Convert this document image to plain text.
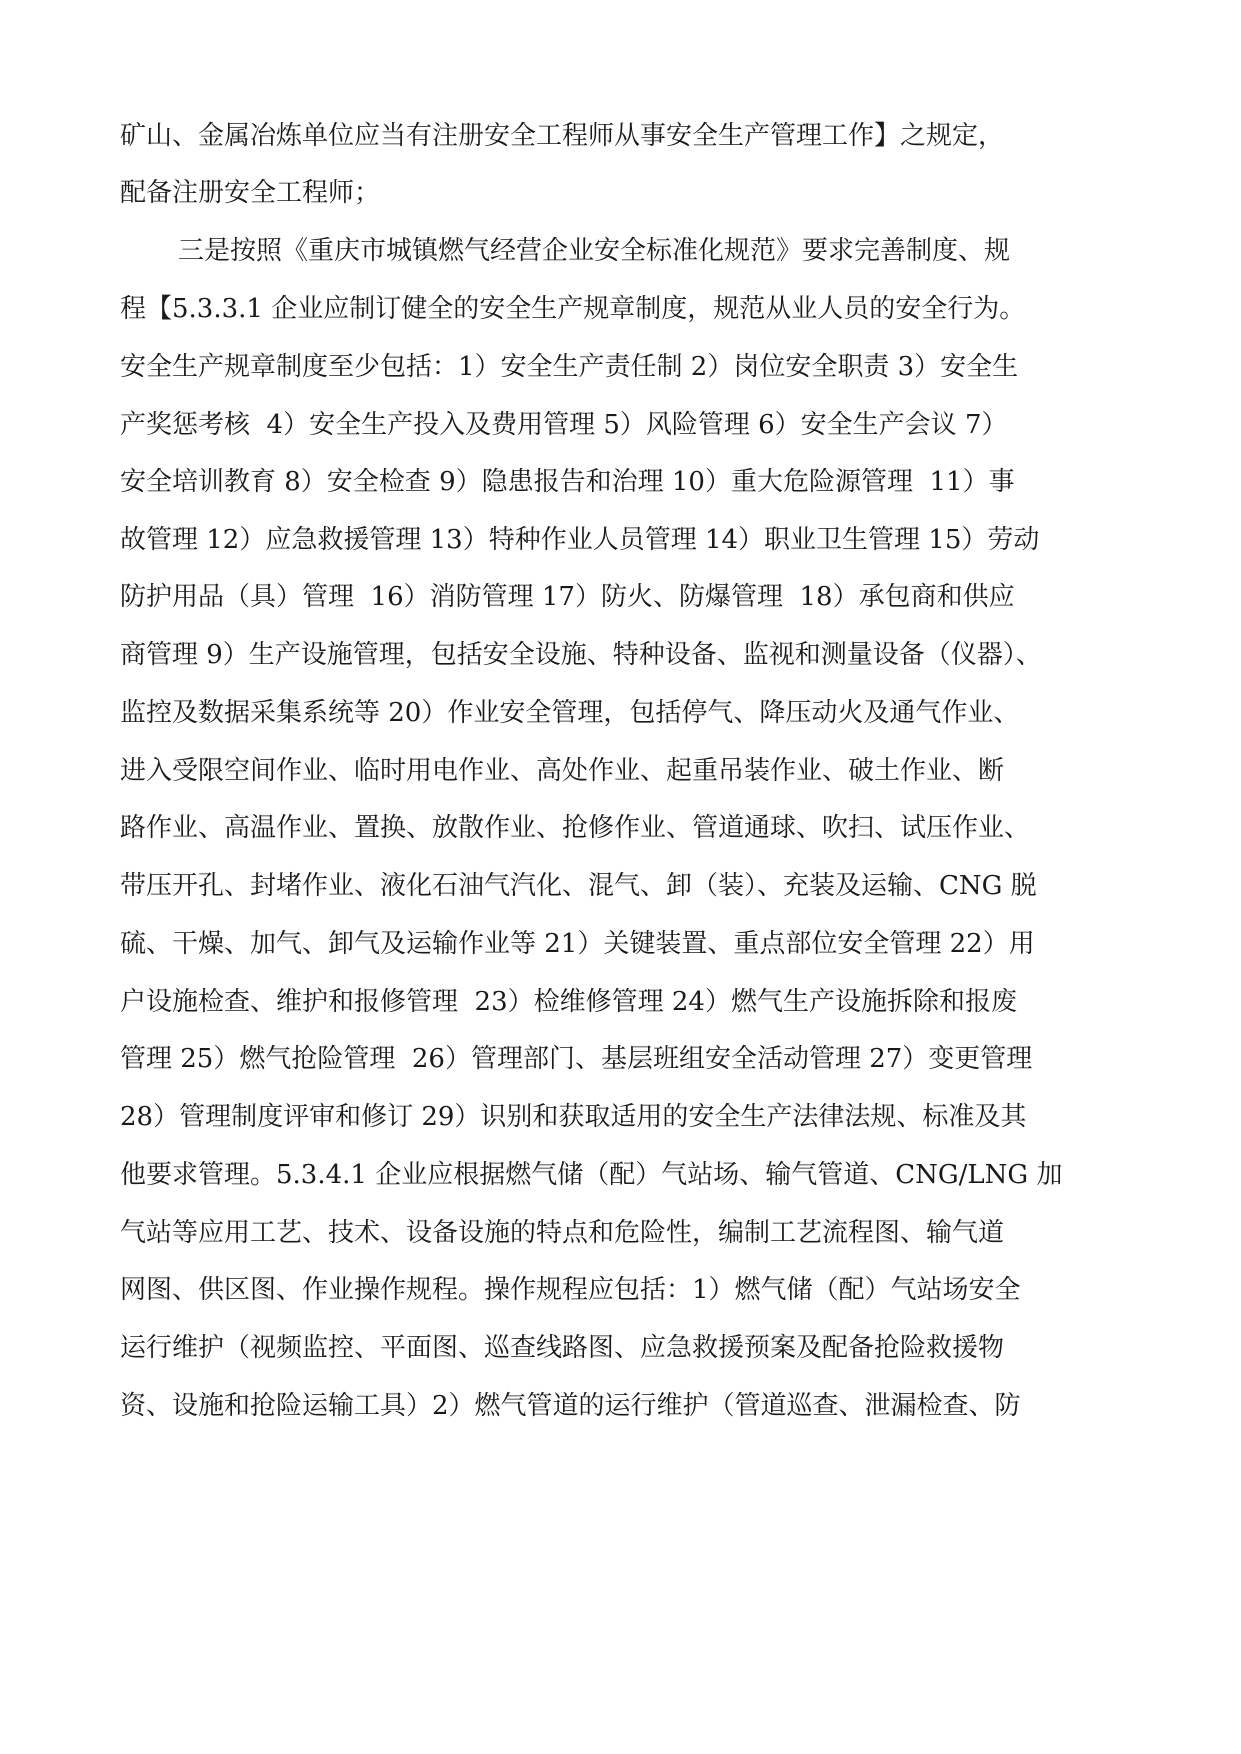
矿山、金属冶炼单位应当有注册安全工程师从事安全生产管理工作】之规定，
配备注册安全工程师；
三是按照《重庆市城镇燃气经营企业安全标准化规范》要求完善制度、规
程【5.3.3.1 企业应制订健全的安全生产规章制度，规范从业人员的安全行为。
安全生产规章制度至少包括：1）安全生产责任制 2）岗位安全职责 3）安全生
产奖惩考核  4）安全生产投入及费用管理 5）风险管理 6）安全生产会议 7）
安全培训教育 8）安全检查 9）隐患报告和治理 10）重大危险源管理  11）事
故管理 12）应急救援管理 13）特种作业人员管理 14）职业卫生管理 15）劳动
防护用品（具）管理  16）消防管理 17）防火、防爆管理  18）承包商和供应
商管理 9）生产设施管理，包括安全设施、特种设备、监视和测量设备（仪器）、
监控及数据采集系统等 20）作业安全管理，包括停气、降压动火及通气作业、
进入受限空间作业、临时用电作业、高处作业、起重吊装作业、破土作业、断
路作业、高温作业、置换、放散作业、抢修作业、管道通球、吹扫、试压作业、
带压开孔、封堵作业、液化石油气汽化、混气、卸（装）、充装及运输、CNG 脱
硫、干燥、加气、卸气及运输作业等 21）关键装置、重点部位安全管理 22）用
户设施检查、维护和报修管理  23）检维修管理 24）燃气生产设施拆除和报废
管理 25）燃气抢险管理  26）管理部门、基层班组安全活动管理 27）变更管理
28）管理制度评审和修订 29）识别和获取适用的安全生产法律法规、标准及其
他要求管理。5.3.4.1 企业应根据燃气储（配）气站场、输气管道、CNG/LNG 加
气站等应用工艺、技术、设备设施的特点和危险性，编制工艺流程图、输气道
网图、供区图、作业操作规程。操作规程应包括：1）燃气储（配）气站场安全
运行维护（视频监控、平面图、巡查线路图、应急救援预案及配备抢险救援物
资、设施和抢险运输工具）2）燃气管道的运行维护（管道巡查、泄漏检查、防
